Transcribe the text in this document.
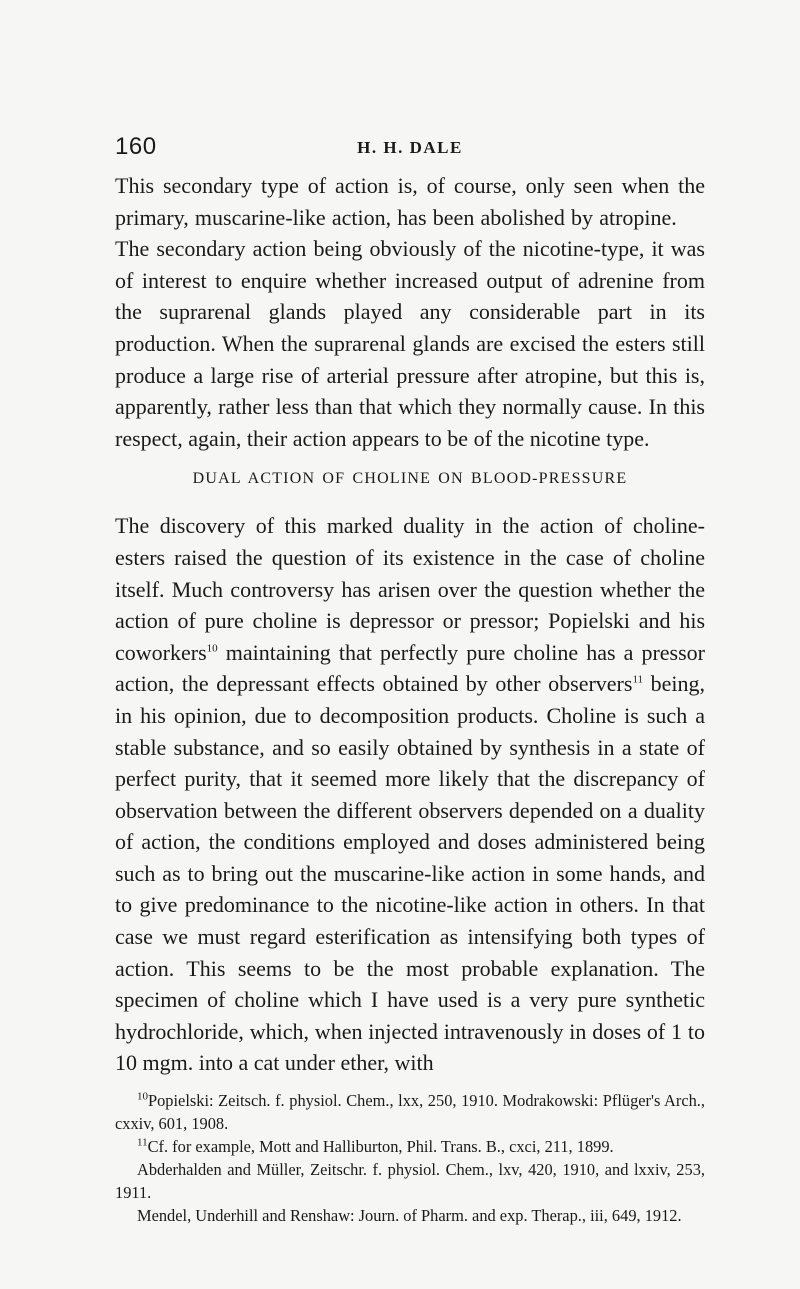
160	H. H. DALE

This secondary type of action is, of course, only seen when the primary, muscarine-like action, has been abolished by atropine. The secondary action being obviously of the nicotine-type, it was of interest to enquire whether increased output of adrenine from the suprarenal glands played any considerable part in its production. When the suprarenal glands are excised the esters still produce a large rise of arterial pressure after atropine, but this is, apparently, rather less than that which they normally cause. In this respect, again, their action appears to be of the nicotine type.

DUAL ACTION OF CHOLINE ON BLOOD-PRESSURE

The discovery of this marked duality in the action of choline-esters raised the question of its existence in the case of choline itself. Much controversy has arisen over the question whether the action of pure choline is depressor or pressor; Popielski and his coworkers$^{10}$ maintaining that perfectly pure choline has a pressor action, the depressant effects obtained by other observers$^{11}$ being, in his opinion, due to decomposition products. Choline is such a stable substance, and so easily obtained by synthesis in a state of perfect purity, that it seemed more likely that the discrepancy of observation between the different observers depended on a duality of action, the conditions employed and doses administered being such as to bring out the muscarine-like action in some hands, and to give predominance to the nicotine-like action in others. In that case we must regard esterification as intensifying both types of action. This seems to be the most probable explanation. The specimen of choline which I have used is a very pure synthetic hydrochloride, which, when injected intravenously in doses of 1 to 10 mgm. into a cat under ether, with

$^{10}$Popielski: Zeitsch. f. physiol. Chem., lxx, 250, 1910. Modrakowski: Pflüger's Arch., cxxiv, 601, 1908.

$^{11}$Cf. for example, Mott and Halliburton, Phil. Trans. B., cxci, 211, 1899.

Abderhalden and Müller, Zeitschr. f. physiol. Chem., lxv, 420, 1910, and lxxiv, 253, 1911.

Mendel, Underhill and Renshaw: Journ. of Pharm. and exp. Therap., iii, 649, 1912.
